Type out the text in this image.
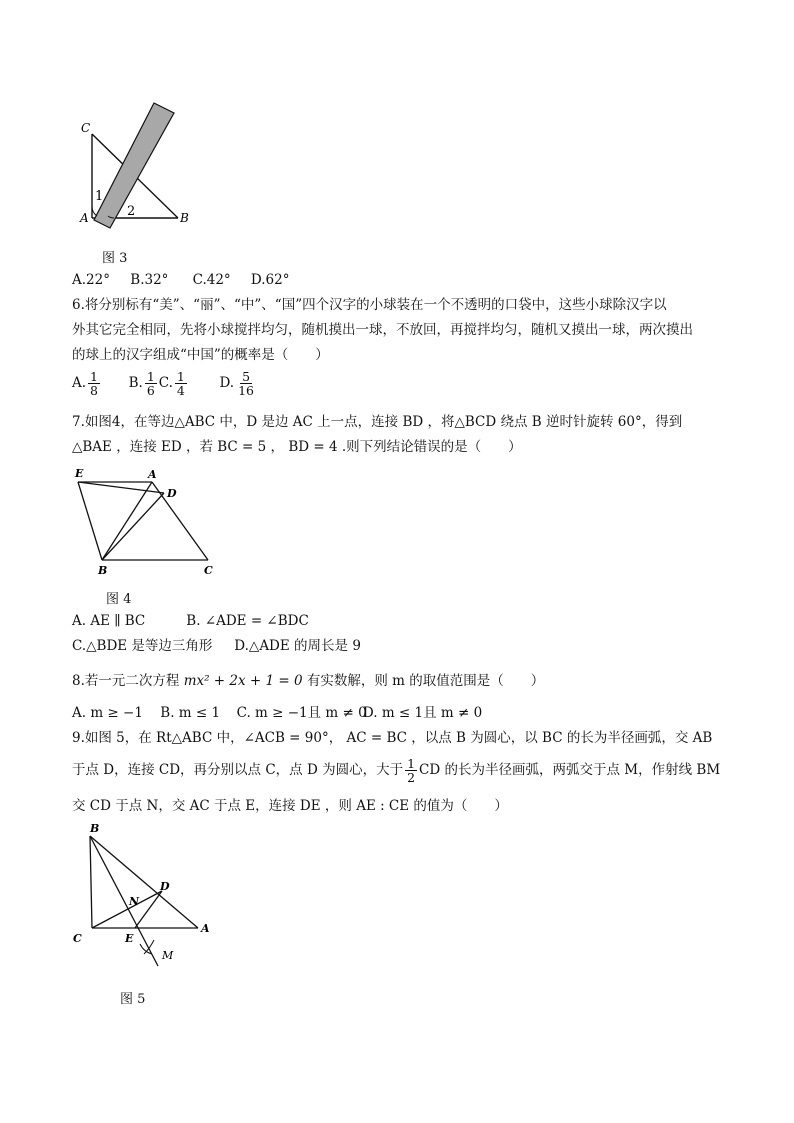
C
A	B
1
2
图 3
A.22° B.32° C.42° D.62°
6.将分别标有“美”、“丽”、“中”、“国”四个汉字的小球装在一个不透明的口袋中，这些小球除汉字以
外其它完全相同，先将小球搅拌均匀，随机摸出一球，不放回，再搅拌均匀，随机又摸出一球，两次摸出
的球上的汉字组成“中国”的概率是（　　）
A. $\frac{1}{8} B$. $\frac{1}{6} C$. $\frac{1}{4} D$. $\frac{5}{16}$
7.如图4，在等边△ABC 中，D 是边 AC 上一点，连接 BD ，将△BCD 绕点 B 逆时针旋转 60°，得到
△BAE ，连接 ED ，若 BC = 5 ， BD = 4 .则下列结论错误的是（　　）
E	A
D
B	C
图 4
A. AE ∥ BC	B. ∠ADE = ∠BDC
C.△BDE 是等边三角形 D.△ADE 的周长是 9
8.若一元二次方程 mx² + 2x + 1 = 0 有实数解，则 m 的取值范围是（　　）
A. m ≥ −1 B. m ≤ 1 C. m ≥ −1且 m ≠ 0 D. m ≤ 1且 m ≠ 0
9.如图 5，在 Rt△ABC 中，∠ACB = 90°， AC = BC ，以点 B 为圆心，以 BC 的长为半径画弧，交 AB
于点 D，连接 CD，再分别以点 C，点 D 为圆心，大于 $\frac{1}{2}$ CD 的长为半径画弧，两弧交于点 M，作射线 BM
交 CD 于点 N，交 AC 于点 E，连接 DE ，则 AE : CE 的值为（　　）
B
D
N
C	E
A
M
图 5
